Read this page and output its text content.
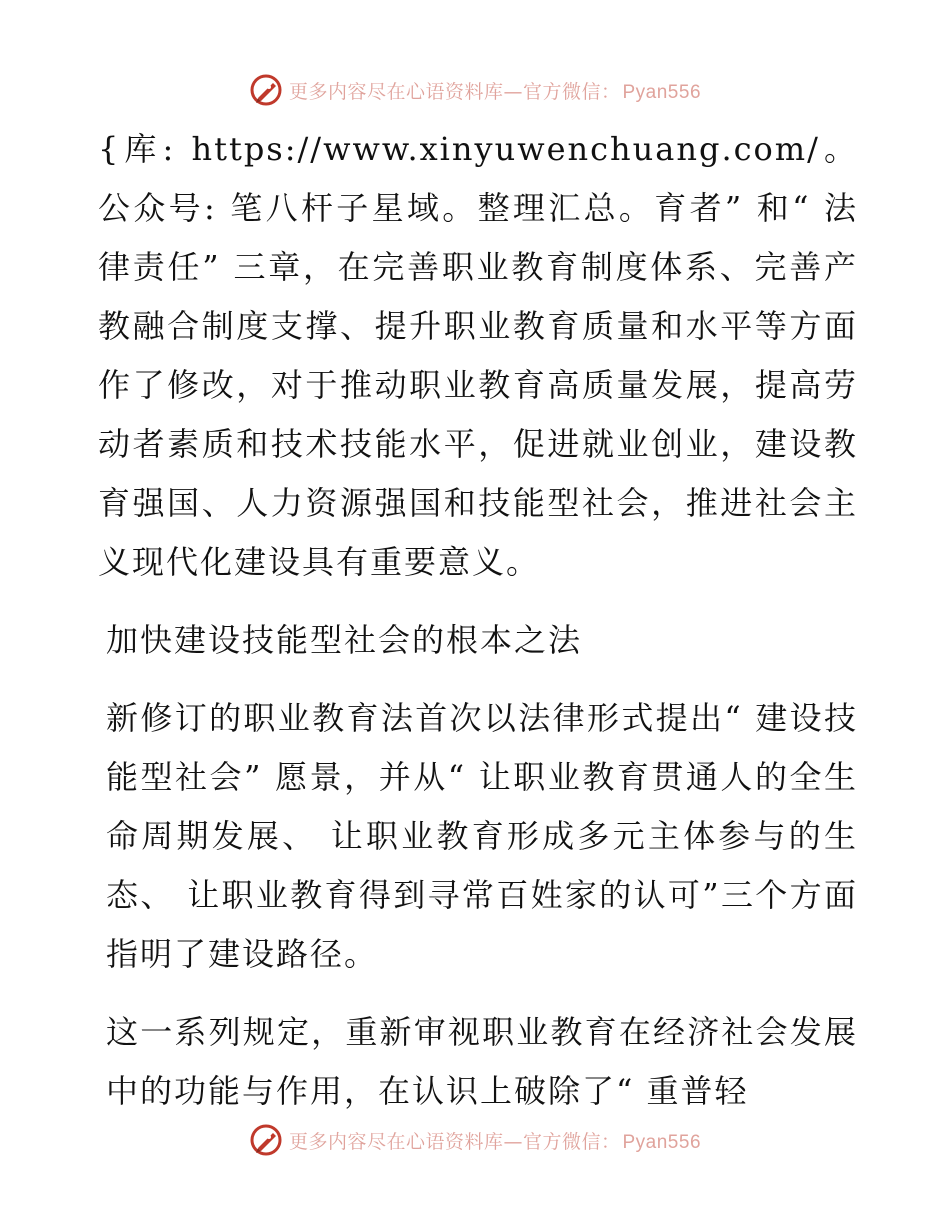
更多内容尽在心语资料库—官方微信： Pyan556

{库: https://www.xinyuwenchuang.com/。公众号: 笔八杆子星域。整理汇总。育者” 和“ 法律责任” 三章，在完善职业教育制度体系、完善产教融合制度支撑、提升职业教育质量和水平等方面作了修改，对于推动职业教育高质量发展，提高劳动者素质和技术技能水平，促进就业创业，建设教育强国、人力资源强国和技能型社会，推进社会主义现代化建设具有重要意义。

加快建设技能型社会的根本之法

新修订的职业教育法首次以法律形式提出“ 建设技能型社会” 愿景，并从“ 让职业教育贯通人的全生命周期发展、 让职业教育形成多元主体参与的生态、 让职业教育得到寻常百姓家的认可”三个方面指明了建设路径。

这一系列规定，重新审视职业教育在经济社会发展中的功能与作用，在认识上破除了“ 重普轻

更多内容尽在心语资料库—官方微信： Pyan556
